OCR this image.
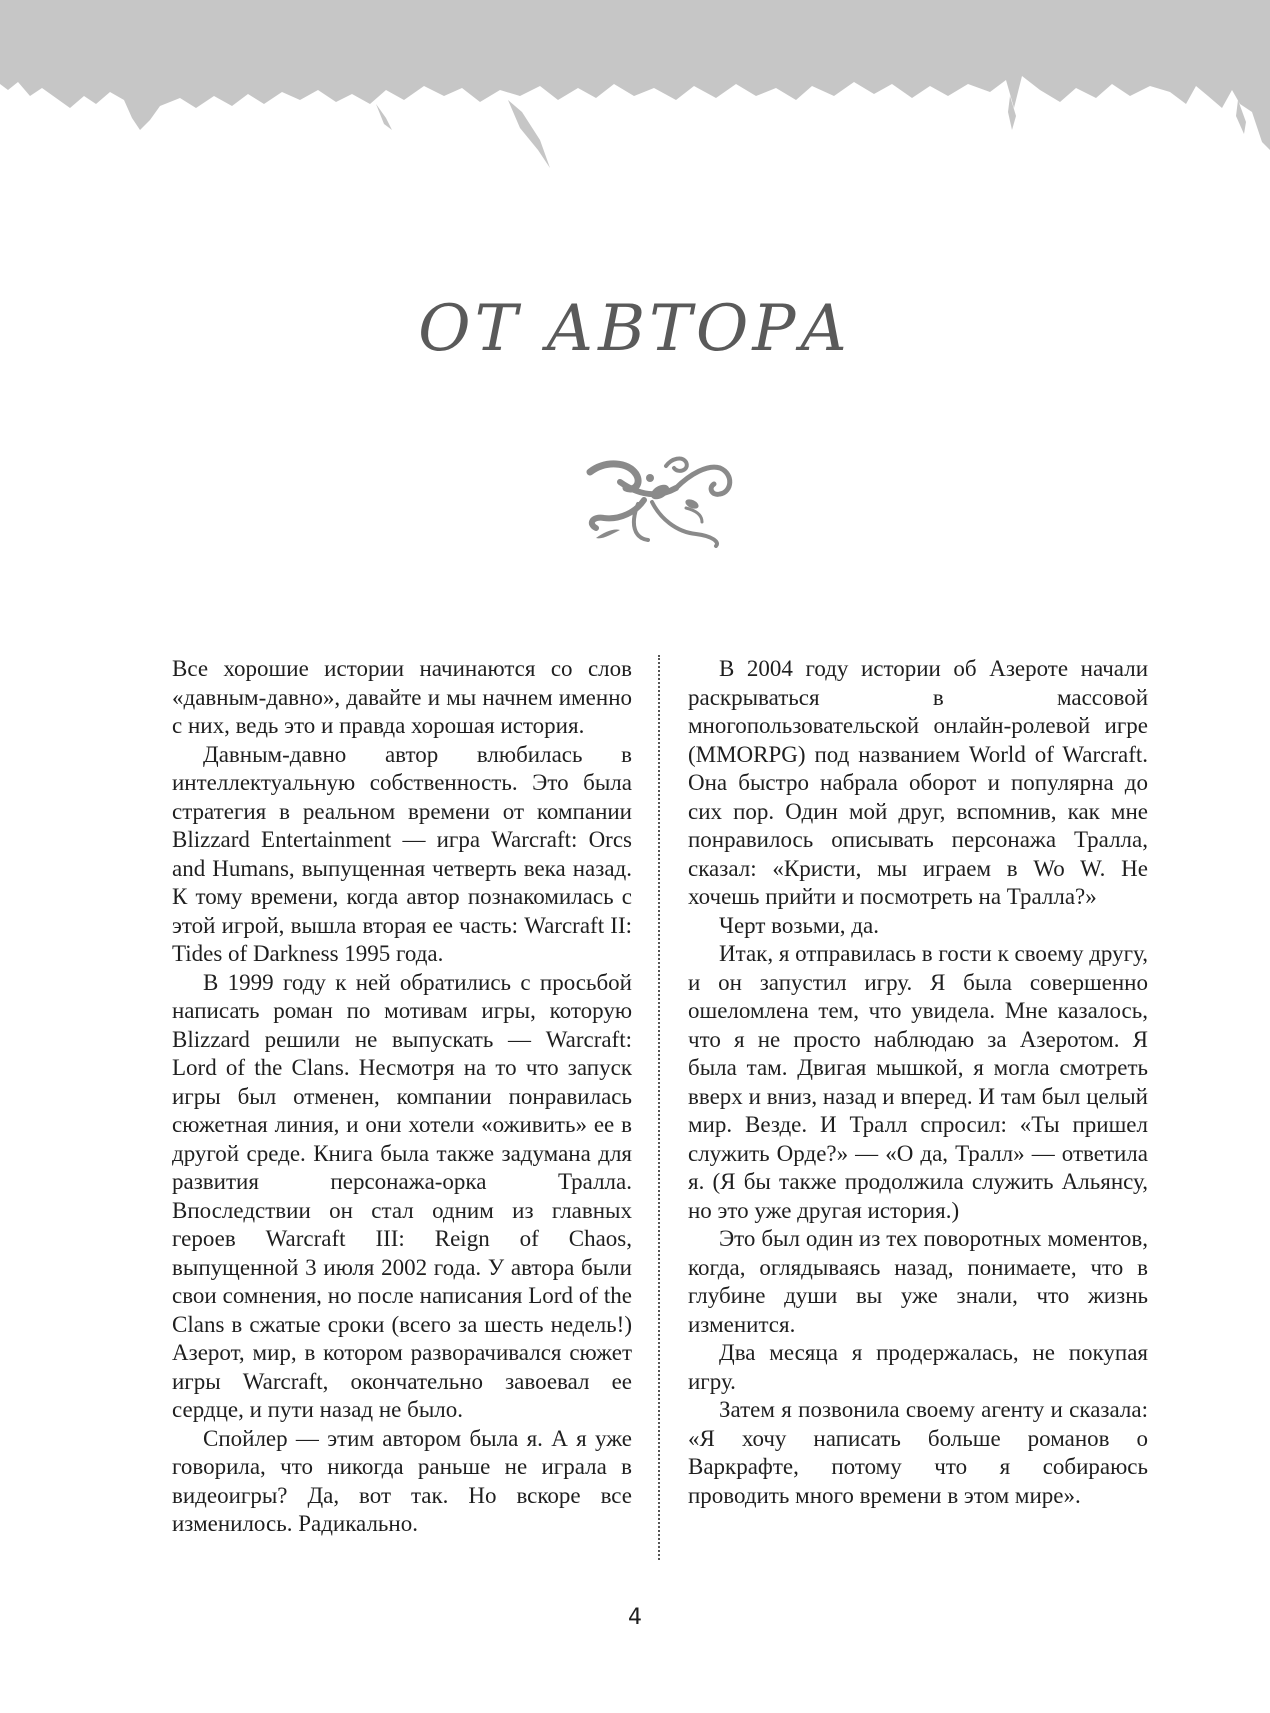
ОТ АВТОРА

Все хорошие истории начинаются со слов «давным-давно», давайте и мы начнем именно с них, ведь это и правда хорошая история.

Давным-давно автор влюбилась в интеллектуальную собственность. Это была стратегия в реальном времени от компании Blizzard Entertainment — игра Warcraft: Orcs and Humans, выпущенная четверть века назад. К тому времени, когда автор познакомилась с этой игрой, вышла вторая ее часть: Warcraft II: Tides of Darkness 1995 года.

В 1999 году к ней обратились с просьбой написать роман по мотивам игры, которую Blizzard решили не выпускать — Warcraft: Lord of the Clans. Несмотря на то что запуск игры был отменен, компании понравилась сюжетная линия, и они хотели «оживить» ее в другой среде. Книга была также задумана для развития персонажа-орка Тралла. Впоследствии он стал одним из главных героев Warcraft III: Reign of Chaos, выпущенной 3 июля 2002 года. У автора были свои сомнения, но после написания Lord of the Clans в сжатые сроки (всего за шесть недель!) Азерот, мир, в котором разворачивался сюжет игры Warcraft, окончательно завоевал ее сердце, и пути назад не было.

Спойлер — этим автором была я. А я уже говорила, что никогда раньше не играла в видеоигры? Да, вот так. Но вскоре все изменилось. Радикально.

В 2004 году истории об Азероте начали раскрываться в массовой многопользовательской онлайн-ролевой игре (MMORPG) под названием World of Warcraft. Она быстро набрала оборот и популярна до сих пор. Один мой друг, вспомнив, как мне понравилось описывать персонажа Тралла, сказал: «Кристи, мы играем в Wo W. Не хочешь прийти и посмотреть на Тралла?»

Черт возьми, да.

Итак, я отправилась в гости к своему другу, и он запустил игру. Я была совершенно ошеломлена тем, что увидела. Мне казалось, что я не просто наблюдаю за Азеротом. Я была там. Двигая мышкой, я могла смотреть вверх и вниз, назад и вперед. И там был целый мир. Везде. И Тралл спросил: «Ты пришел служить Орде?» — «О да, Тралл» — ответила я. (Я бы также продолжила служить Альянсу, но это уже другая история.)

Это был один из тех поворотных моментов, когда, оглядываясь назад, понимаете, что в глубине души вы уже знали, что жизнь изменится.

Два месяца я продержалась, не покупая игру.

Затем я позвонила своему агенту и сказала: «Я хочу написать больше романов о Варкрафте, потому что я собираюсь проводить много времени в этом мире».

4
